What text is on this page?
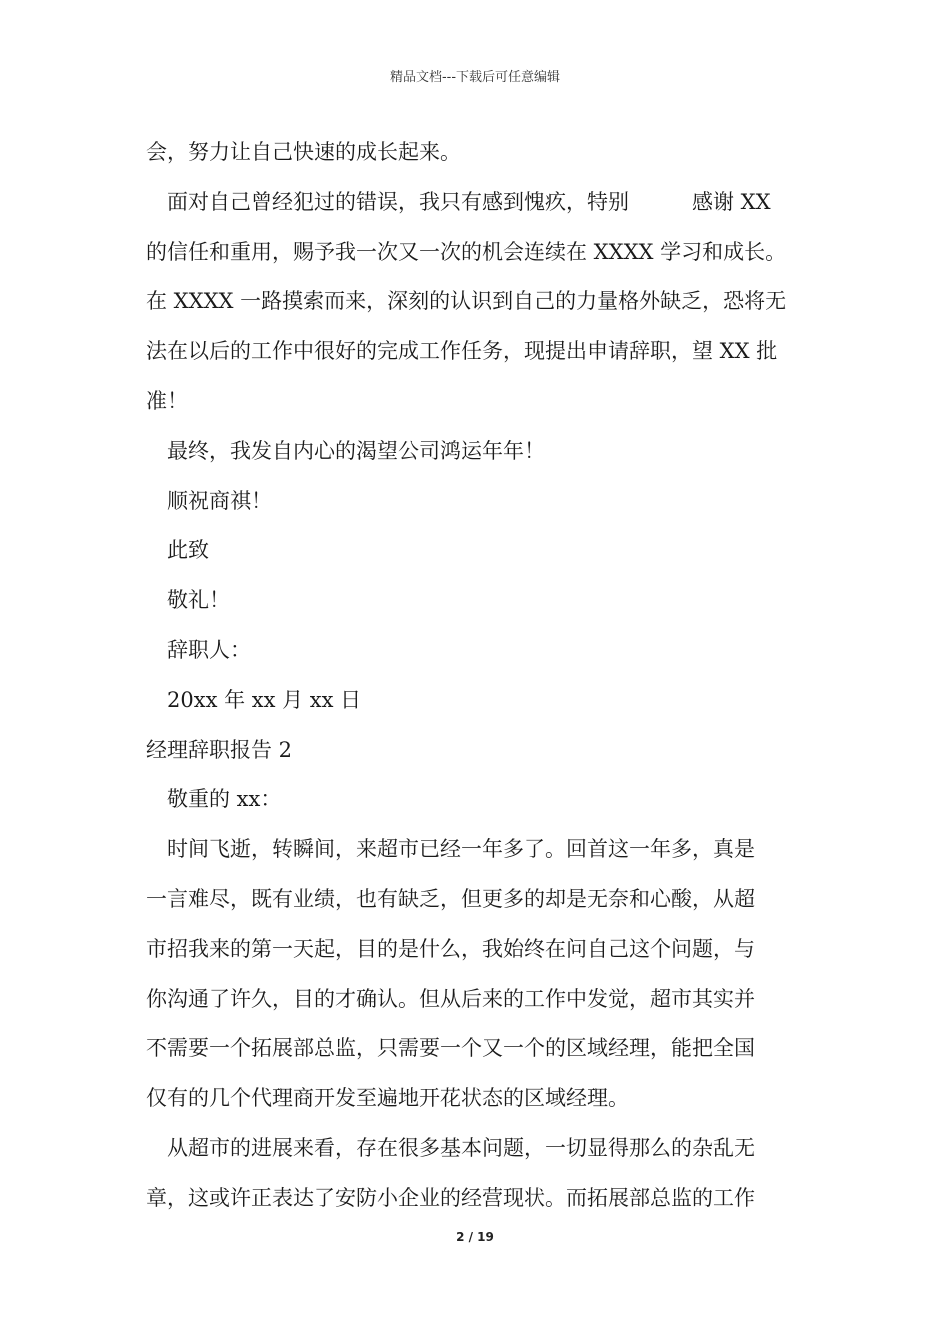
精品文档---下载后可任意编辑
会，努力让自己快速的成长起来。
面对自己曾经犯过的错误，我只有感到愧疚，特别　　　感谢 XX
的信任和重用，赐予我一次又一次的机会连续在 XXXX 学习和成长。
在 XXXX 一路摸索而来，深刻的认识到自己的力量格外缺乏，恐将无
法在以后的工作中很好的完成工作任务，现提出申请辞职，望 XX 批
准！
最终，我发自内心的渴望公司鸿运年年！
顺祝商祺！
此致
敬礼！
辞职人：
20xx 年 xx 月 xx 日
经理辞职报告 2
敬重的 xx：
时间飞逝，转瞬间，来超市已经一年多了。回首这一年多，真是
一言难尽，既有业绩，也有缺乏，但更多的却是无奈和心酸，从超
市招我来的第一天起，目的是什么，我始终在问自己这个问题，与
你沟通了许久，目的才确认。但从后来的工作中发觉，超市其实并
不需要一个拓展部总监，只需要一个又一个的区域经理，能把全国
仅有的几个代理商开发至遍地开花状态的区域经理。
从超市的进展来看，存在很多基本问题，一切显得那么的杂乱无
章，这或许正表达了安防小企业的经营现状。而拓展部总监的工作
2 / 19
